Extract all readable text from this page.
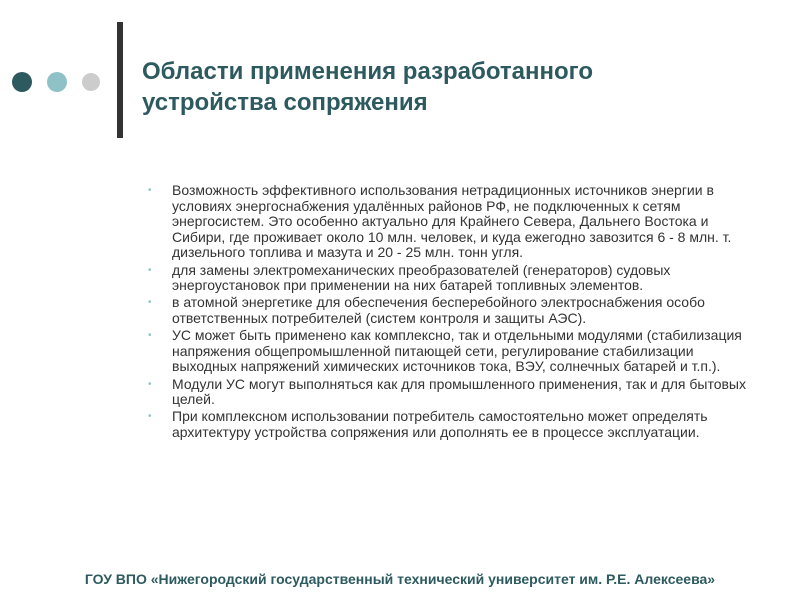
Области применения разработанного
устройства сопряжения
• Возможность эффективного использования нетрадиционных источников энергии в условиях энергоснабжения удалённых районов РФ, не подключенных к сетям энергосистем. Это особенно актуально для Крайнего Севера, Дальнего Востока и Сибири, где проживает около 10 млн. человек, и куда ежегодно завозится 6 - 8 млн. т. дизельного топлива и мазута и 20 - 25 млн. тонн угля.
• для замены электромеханических преобразователей (генераторов) судовых энергоустановок при применении на них батарей топливных элементов.
• в атомной энергетике для обеспечения бесперебойного электроснабжения особо ответственных потребителей (систем контроля и защиты АЭС).
• УС может быть применено как комплексно, так и отдельными модулями (стабилизация напряжения общепромышленной питающей сети, регулирование стабилизации выходных напряжений химических источников тока, ВЭУ, солнечных батарей и т.п.).
• Модули УС могут выполняться как для промышленного применения, так и для бытовых целей.
• При комплексном использовании потребитель самостоятельно может определять архитектуру устройства сопряжения или дополнять ее в процессе эксплуатации.
ГОУ ВПО «Нижегородский государственный технический университет им. Р.Е. Алексеева»
